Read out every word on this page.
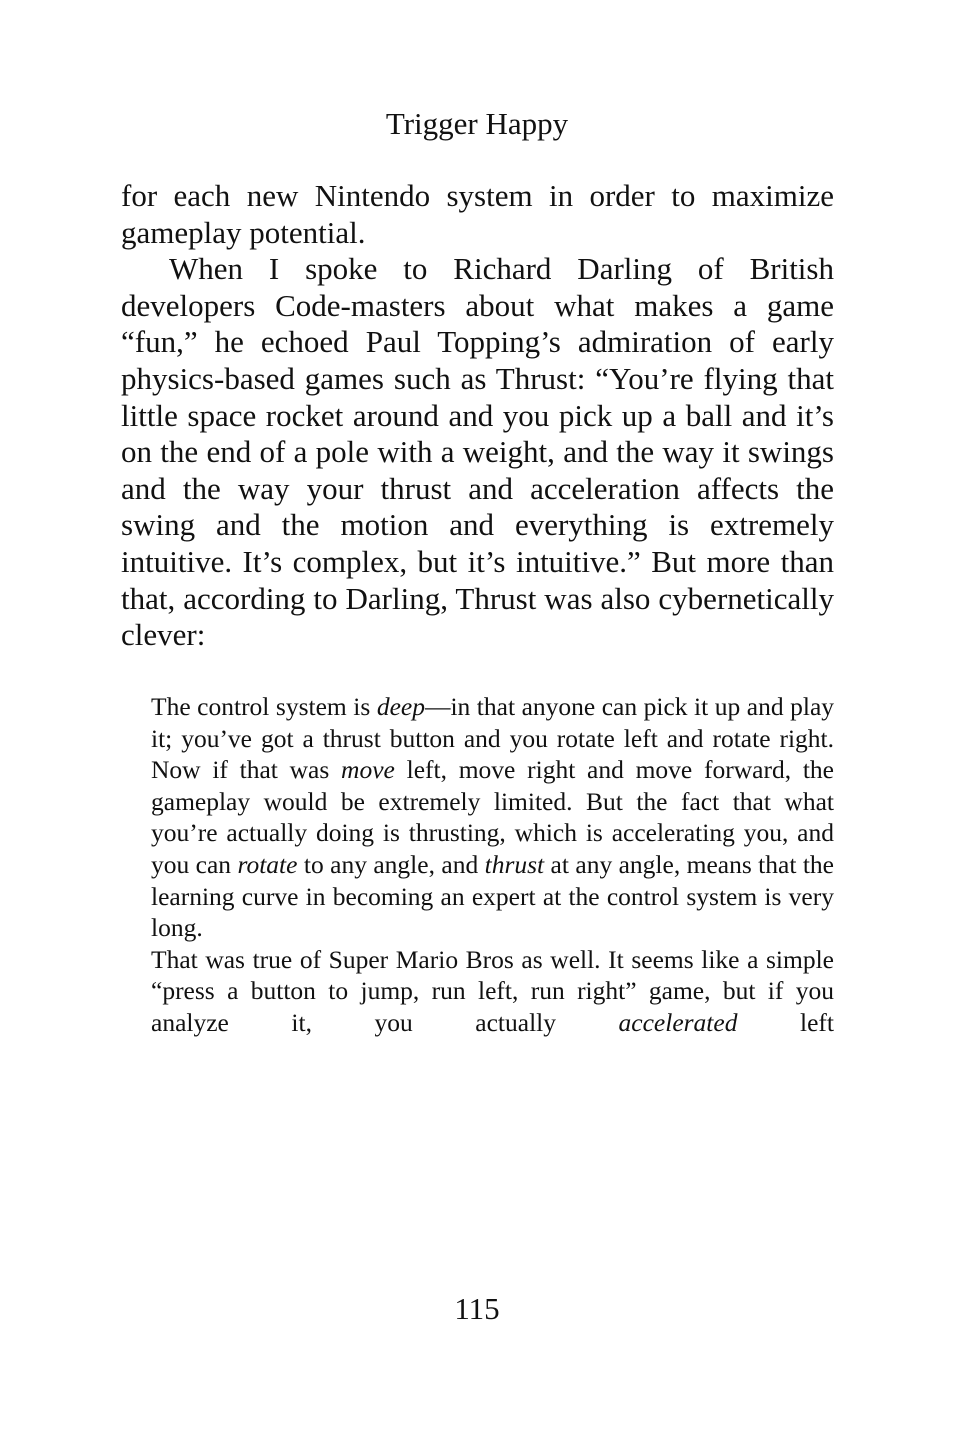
Trigger Happy

for each new Nintendo system in order to maximize gameplay potential.

When I spoke to Richard Darling of British developers Code-masters about what makes a game “fun,” he echoed Paul Topping’s admiration of early physics-based games such as Thrust: “You’re flying that little space rocket around and you pick up a ball and it’s on the end of a pole with a weight, and the way it swings and the way your thrust and acceleration affects the swing and the motion and everything is extremely intuitive. It’s complex, but it’s intuitive.” But more than that, according to Darling, Thrust was also cybernetically clever:

The control system is deep—in that anyone can pick it up and play it; you’ve got a thrust button and you rotate left and rotate right. Now if that was move left, move right and move forward, the gameplay would be extremely limited. But the fact that what you’re actually doing is thrusting, which is accelerating you, and you can rotate to any angle, and thrust at any angle, means that the learning curve in becoming an expert at the control system is very long.

That was true of Super Mario Bros as well. It seems like a simple “press a button to jump, run left, run right” game, but if you analyze it, you actually accelerated left

115
